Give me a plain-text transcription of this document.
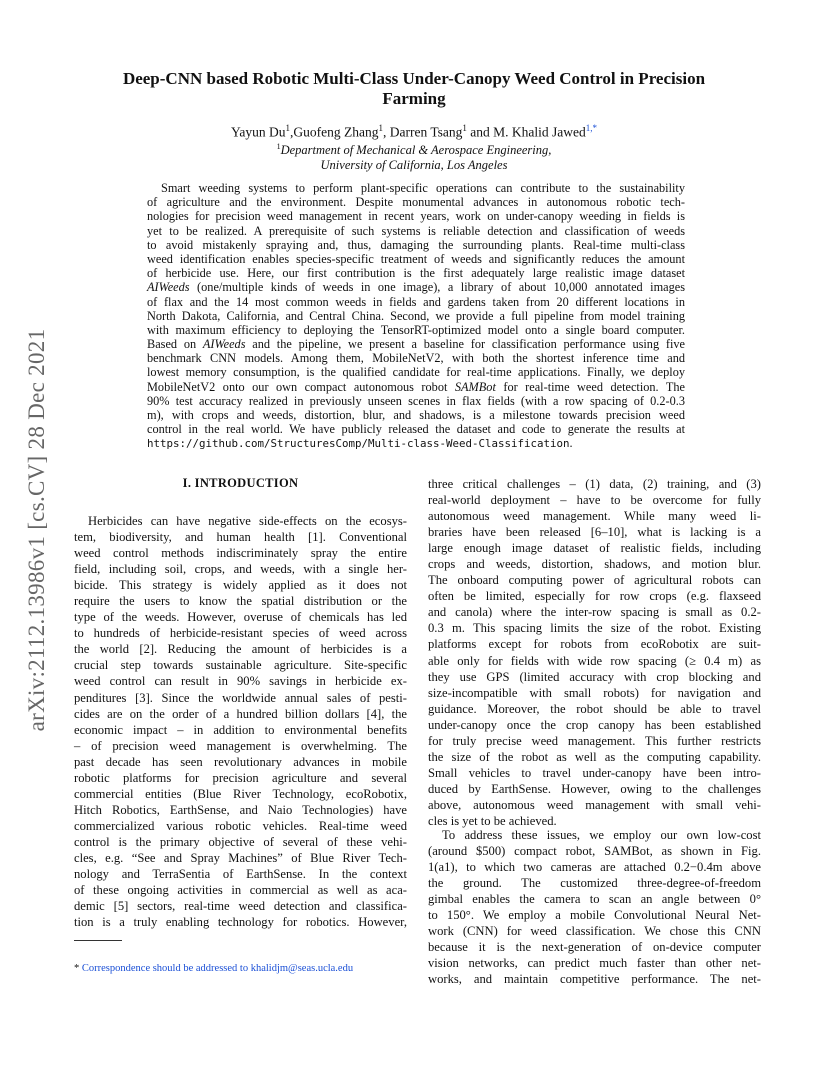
arXiv:2112.13986v1 [cs.CV] 28 Dec 2021
Deep-CNN based Robotic Multi-Class Under-Canopy Weed Control in Precision
Farming
Yayun Du$^1$,Guofeng Zhang$^1$, Darren Tsang$^1$ and M. Khalid Jawed$^{1,*}$
$^1$Department of Mechanical & Aerospace Engineering,
University of California, Los Angeles
Smart weeding systems to perform plant-specific operations can contribute to the sustainability
of agriculture and the environment. Despite monumental advances in autonomous robotic tech-
nologies for precision weed management in recent years, work on under-canopy weeding in fields is
yet to be realized. A prerequisite of such systems is reliable detection and classification of weeds
to avoid mistakenly spraying and, thus, damaging the surrounding plants. Real-time multi-class
weed identification enables species-specific treatment of weeds and significantly reduces the amount
of herbicide use. Here, our first contribution is the first adequately large realistic image dataset
AIWeeds (one/multiple kinds of weeds in one image), a library of about 10,000 annotated images
of flax and the 14 most common weeds in fields and gardens taken from 20 different locations in
North Dakota, California, and Central China. Second, we provide a full pipeline from model training
with maximum efficiency to deploying the TensorRT-optimized model onto a single board computer.
Based on AIWeeds and the pipeline, we present a baseline for classification performance using five
benchmark CNN models. Among them, MobileNetV2, with both the shortest inference time and
lowest memory consumption, is the qualified candidate for real-time applications. Finally, we deploy
MobileNetV2 onto our own compact autonomous robot SAMBot for real-time weed detection. The
90% test accuracy realized in previously unseen scenes in flax fields (with a row spacing of 0.2-0.3
m), with crops and weeds, distortion, blur, and shadows, is a milestone towards precision weed
control in the real world. We have publicly released the dataset and code to generate the results at
https://github.com/StructuresComp/Multi-class-Weed-Classification.
I. INTRODUCTION
Herbicides can have negative side-effects on the ecosys-
tem, biodiversity, and human health [1]. Conventional
weed control methods indiscriminately spray the entire
field, including soil, crops, and weeds, with a single her-
bicide. This strategy is widely applied as it does not
require the users to know the spatial distribution or the
type of the weeds. However, overuse of chemicals has led
to hundreds of herbicide-resistant species of weed across
the world [2]. Reducing the amount of herbicides is a
crucial step towards sustainable agriculture. Site-specific
weed control can result in 90% savings in herbicide ex-
penditures [3]. Since the worldwide annual sales of pesti-
cides are on the order of a hundred billion dollars [4], the
economic impact – in addition to environmental benefits
– of precision weed management is overwhelming. The
past decade has seen revolutionary advances in mobile
robotic platforms for precision agriculture and several
commercial entities (Blue River Technology, ecoRobotix,
Hitch Robotics, EarthSense, and Naio Technologies) have
commercialized various robotic vehicles. Real-time weed
control is the primary objective of several of these vehi-
cles, e.g. “See and Spray Machines” of Blue River Tech-
nology and TerraSentia of EarthSense. In the context
of these ongoing activities in commercial as well as aca-
demic [5] sectors, real-time weed detection and classifica-
tion is a truly enabling technology for robotics. However,
three critical challenges – (1) data, (2) training, and (3)
real-world deployment – have to be overcome for fully
autonomous weed management. While many weed li-
braries have been released [6–10], what is lacking is a
large enough image dataset of realistic fields, including
crops and weeds, distortion, shadows, and motion blur.
The onboard computing power of agricultural robots can
often be limited, especially for row crops (e.g. flaxseed
and canola) where the inter-row spacing is small as 0.2-
0.3 m. This spacing limits the size of the robot. Existing
platforms except for robots from ecoRobotix are suit-
able only for fields with wide row spacing (≥ 0.4 m) as
they use GPS (limited accuracy with crop blocking and
size-incompatible with small robots) for navigation and
guidance. Moreover, the robot should be able to travel
under-canopy once the crop canopy has been established
for truly precise weed management. This further restricts
the size of the robot as well as the computing capability.
Small vehicles to travel under-canopy have been intro-
duced by EarthSense. However, owing to the challenges
above, autonomous weed management with small vehi-
cles is yet to be achieved.
To address these issues, we employ our own low-cost
(around $500) compact robot, SAMBot, as shown in Fig.
1(a1), to which two cameras are attached 0.2−0.4m above
the ground. The customized three-degree-of-freedom
gimbal enables the camera to scan an angle between 0°
to 150°. We employ a mobile Convolutional Neural Net-
work (CNN) for weed classification. We chose this CNN
because it is the next-generation of on-device computer
vision networks, can predict much faster than other net-
works, and maintain competitive performance. The net-
* Correspondence should be addressed to khalidjm@seas.ucla.edu
